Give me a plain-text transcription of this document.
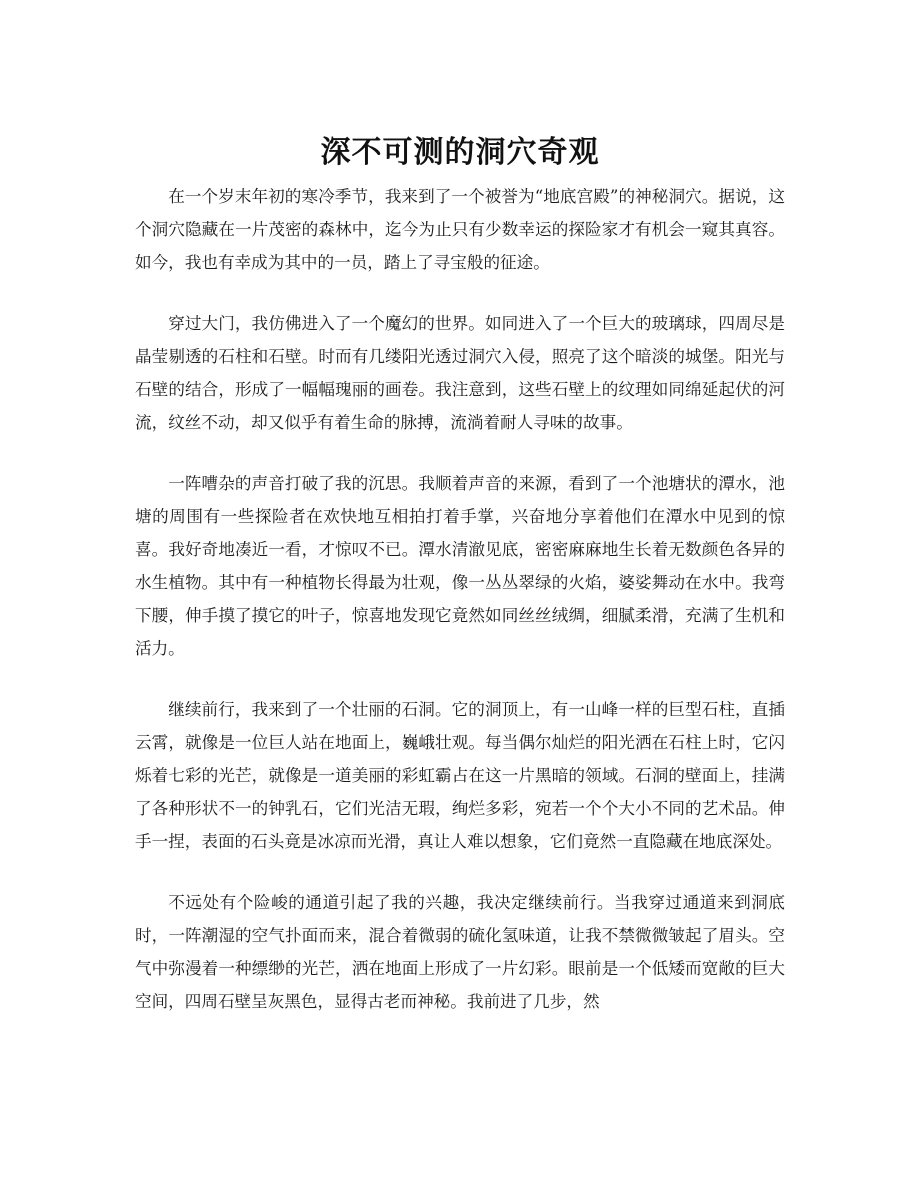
深不可测的洞穴奇观

在一个岁末年初的寒冷季节，我来到了一个被誉为“地底宫殿”的神秘洞穴。据说，这个洞穴隐藏在一片茂密的森林中，迄今为止只有少数幸运的探险家才有机会一窥其真容。如今，我也有幸成为其中的一员，踏上了寻宝般的征途。

穿过大门，我仿佛进入了一个魔幻的世界。如同进入了一个巨大的玻璃球，四周尽是晶莹剔透的石柱和石壁。时而有几缕阳光透过洞穴入侵，照亮了这个暗淡的城堡。阳光与石壁的结合，形成了一幅幅瑰丽的画卷。我注意到，这些石壁上的纹理如同绵延起伏的河流，纹丝不动，却又似乎有着生命的脉搏，流淌着耐人寻味的故事。

一阵嘈杂的声音打破了我的沉思。我顺着声音的来源，看到了一个池塘状的潭水，池塘的周围有一些探险者在欢快地互相拍打着手掌，兴奋地分享着他们在潭水中见到的惊喜。我好奇地凑近一看，才惊叹不已。潭水清澈见底，密密麻麻地生长着无数颜色各异的水生植物。其中有一种植物长得最为壮观，像一丛丛翠绿的火焰，婆娑舞动在水中。我弯下腰，伸手摸了摸它的叶子，惊喜地发现它竟然如同丝丝绒绸，细腻柔滑，充满了生机和活力。

继续前行，我来到了一个壮丽的石洞。它的洞顶上，有一山峰一样的巨型石柱，直插云霄，就像是一位巨人站在地面上，巍峨壮观。每当偶尔灿烂的阳光洒在石柱上时，它闪烁着七彩的光芒，就像是一道美丽的彩虹霸占在这一片黑暗的领域。石洞的壁面上，挂满了各种形状不一的钟乳石，它们光洁无瑕，绚烂多彩，宛若一个个大小不同的艺术品。伸手一捏，表面的石头竟是冰凉而光滑，真让人难以想象，它们竟然一直隐藏在地底深处。

不远处有个险峻的通道引起了我的兴趣，我决定继续前行。当我穿过通道来到洞底时，一阵潮湿的空气扑面而来，混合着微弱的硫化氢味道，让我不禁微微皱起了眉头。空气中弥漫着一种缥缈的光芒，洒在地面上形成了一片幻彩。眼前是一个低矮而宽敞的巨大空间，四周石壁呈灰黑色，显得古老而神秘。我前进了几步，然
